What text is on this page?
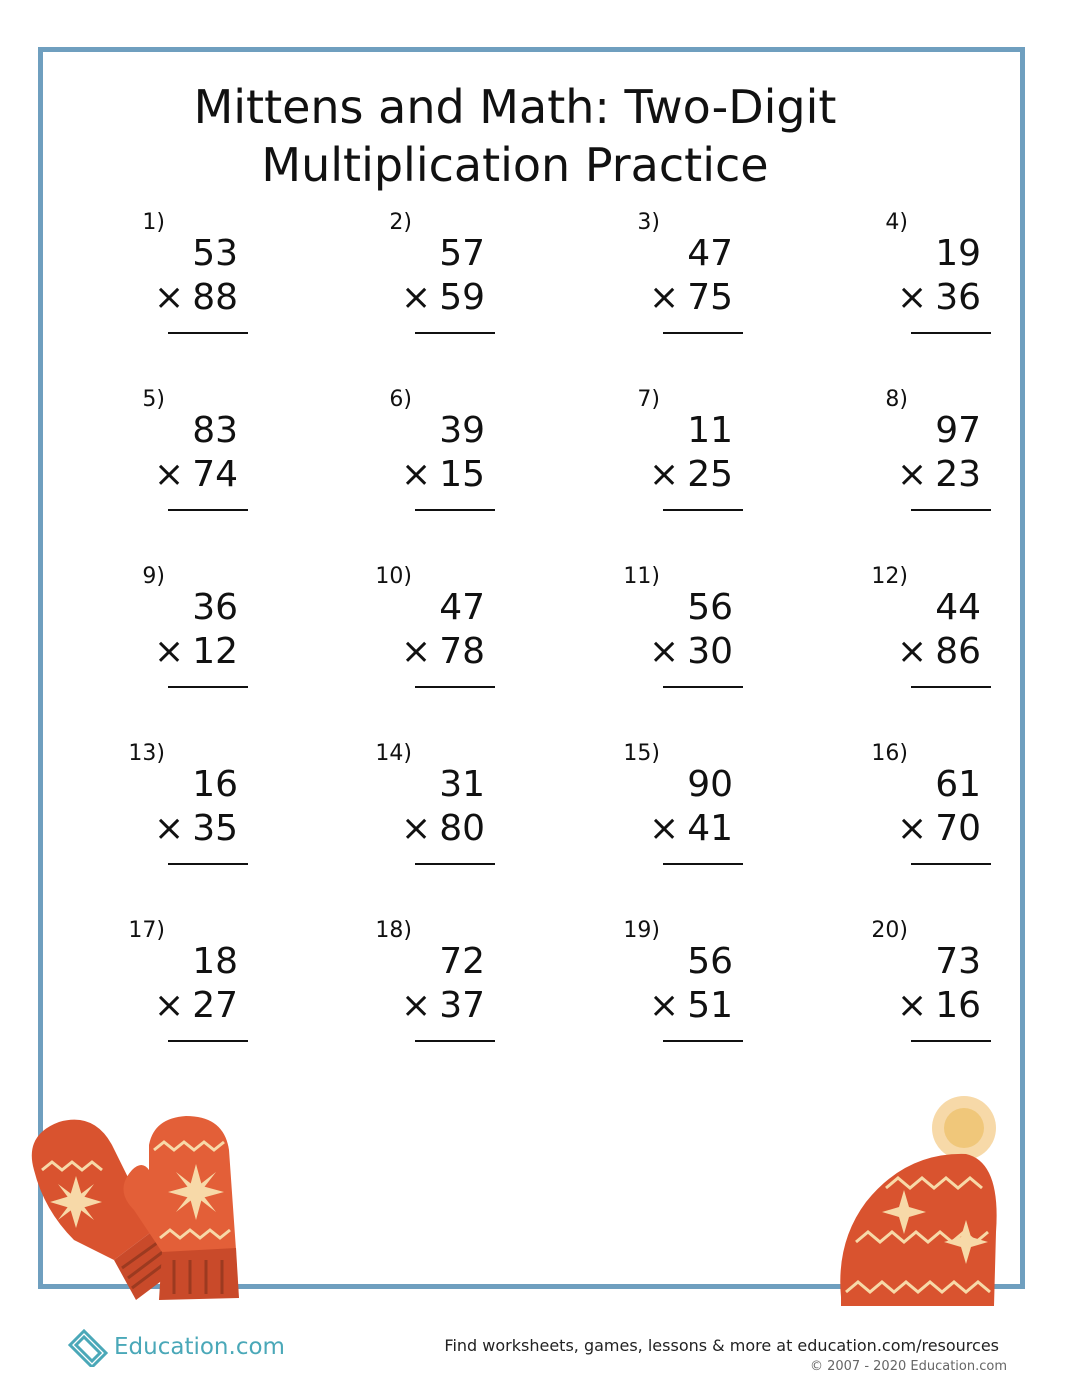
Mittens and Math: Two-Digit
Multiplication Practice
1)
53
× 88
2)
57
× 59
3)
47
× 75
4)
19
× 36
5)
83
× 74
6)
39
× 15
7)
11
× 25
8)
97
× 23
9)
36
× 12
10)
47
× 78
11)
56
× 30
12)
44
× 86
13)
16
× 35
14)
31
× 80
15)
90
× 41
16)
61
× 70
17)
18
× 27
18)
72
× 37
19)
56
× 51
20)
73
× 16
Education.com	Find worksheets, games, lessons & more at education.com/resources
© 2007 - 2020 Education.com
